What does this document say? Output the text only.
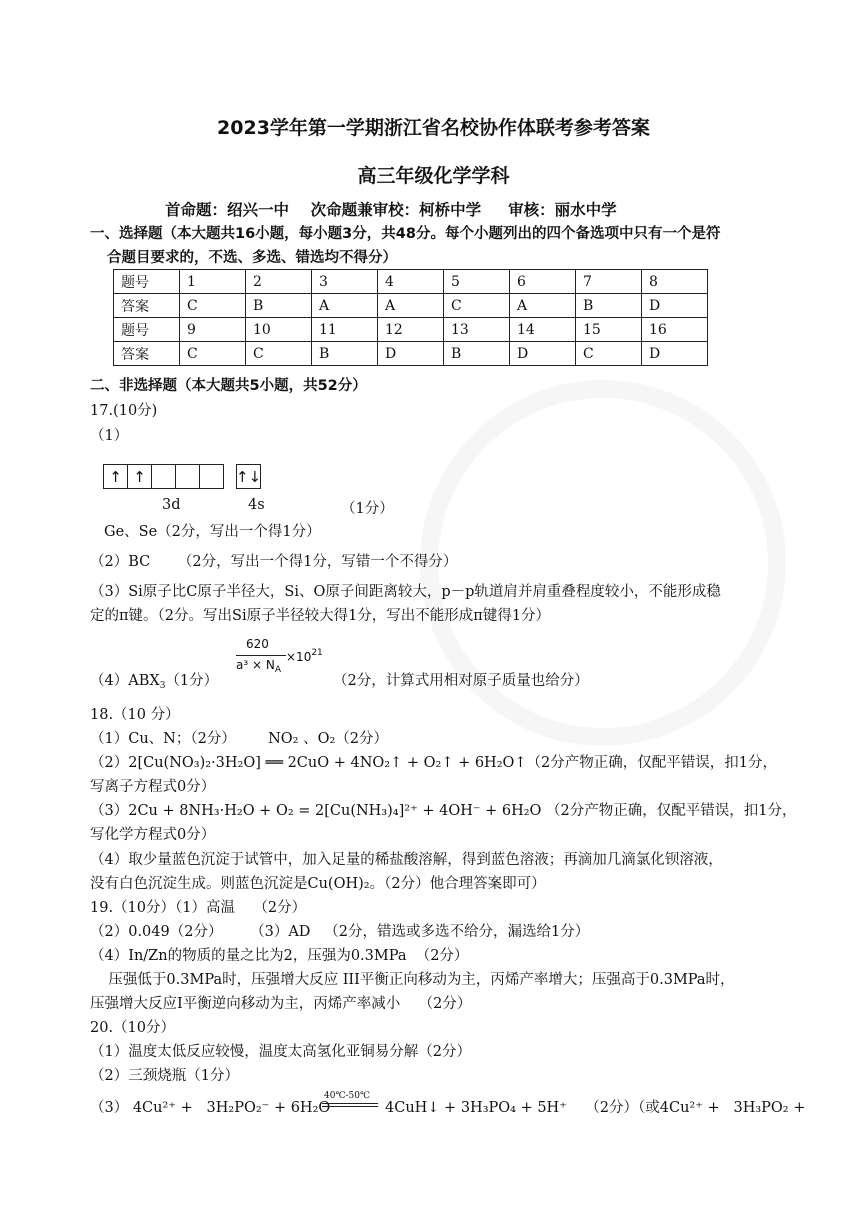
2023学年第一学期浙江省名校协作体联考参考答案
高三年级化学学科
首命题：绍兴一中    次命题兼审校：柯桥中学     审核：丽水中学
一、选择题（本大题共16小题，每小题3分，共48分。每个小题列出的四个备选项中只有一个是符
合题目要求的，不选、多选、错选均不得分）
题号	1	2	3	4	5	6	7	8
答案	C	B	A	A	C	A	B	D
题号	9	10	11	12	13	14	15	16
答案	C	C	B	D	B	D	C	D
二、非选择题（本大题共5小题，共52分）
17.(10分)
（1）
↑ ↑	↑↓
3d	4s	（1分）
Ge、Se（2分，写出一个得1分）
（2）BC      （2分，写出一个得1分，写错一个不得分）
（3）Si原子比C原子半径大，Si、O原子间距离较大，p－p轨道肩并肩重叠程度较小，不能形成稳
定的π键。（2分。写出Si原子半径较大得1分，写出不能形成π键得1分）
$(4)ABX_3(1$分）
620
$a^3 \times N_A$
$\times 10^{21}$
（2分，计算式用相对原子质量也给分）
18.（10 分）
（1）Cu、N；（2分）       NO₂ 、O₂（2分）
（2）2[Cu(NO₃)₂·3H₂O] ══ 2CuO + 4NO₂↑ + O₂↑ + 6H₂O↑（2分产物正确，仅配平错误，扣1分，
写离子方程式0分）
（3）2Cu + 8NH₃·H₂O + O₂ = 2[Cu(NH₃)₄]²⁺ + 4OH⁻ + 6H₂O （2分产物正确，仅配平错误，扣1分，
写化学方程式0分）
（4）取少量蓝色沉淀于试管中，加入足量的稀盐酸溶解，得到蓝色溶液；再滴加几滴氯化钡溶液，
没有白色沉淀生成。则蓝色沉淀是Cu(OH)₂。（2分）他合理答案即可）
19.（10分）（1）高温    （2分）
（2）0.049（2分）      （3）AD   （2分，错选或多选不给分，漏选给1分）
（4）In/Zn的物质的量之比为2，压强为0.3MPa  （2分）
压强低于0.3MPa时，压强增大反应 III平衡正向移动为主，丙烯产率增大；压强高于0.3MPa时，
压强增大反应I平衡逆向移动为主，丙烯产率减小    （2分）
20.（10分）
（1）温度太低反应较慢，温度太高氢化亚铜易分解（2分）
（2）三颈烧瓶（1分）
（3） 4Cu²⁺ +   3H₂PO₂⁻ + 6H₂O
40℃-50℃
4CuH↓ + 3H₃PO₄ + 5H⁺    （2分）（或4Cu²⁺ +   3H₃PO₂ +
